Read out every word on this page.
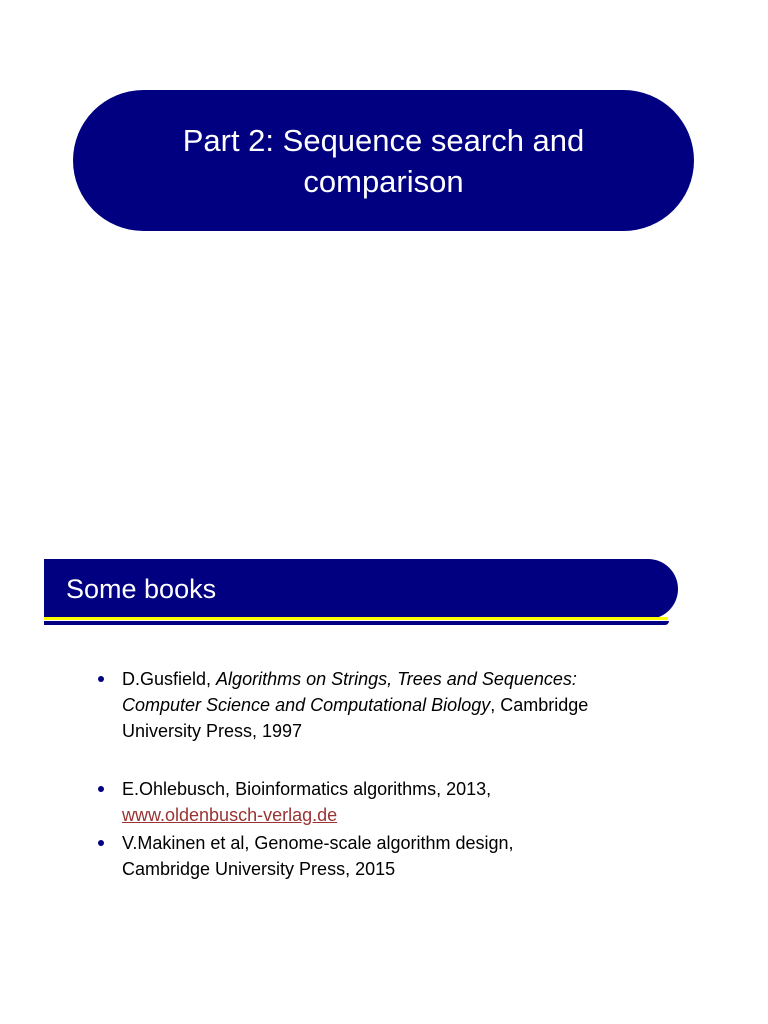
Part 2: Sequence search and
comparison
Some books
D.Gusfield, Algorithms on Strings, Trees and Sequences:
Computer Science and Computational Biology, Cambridge
University Press, 1997
E.Ohlebusch, Bioinformatics algorithms, 2013,
www.oldenbusch-verlag.de
V.Makinen et al, Genome-scale algorithm design,
Cambridge University Press, 2015
